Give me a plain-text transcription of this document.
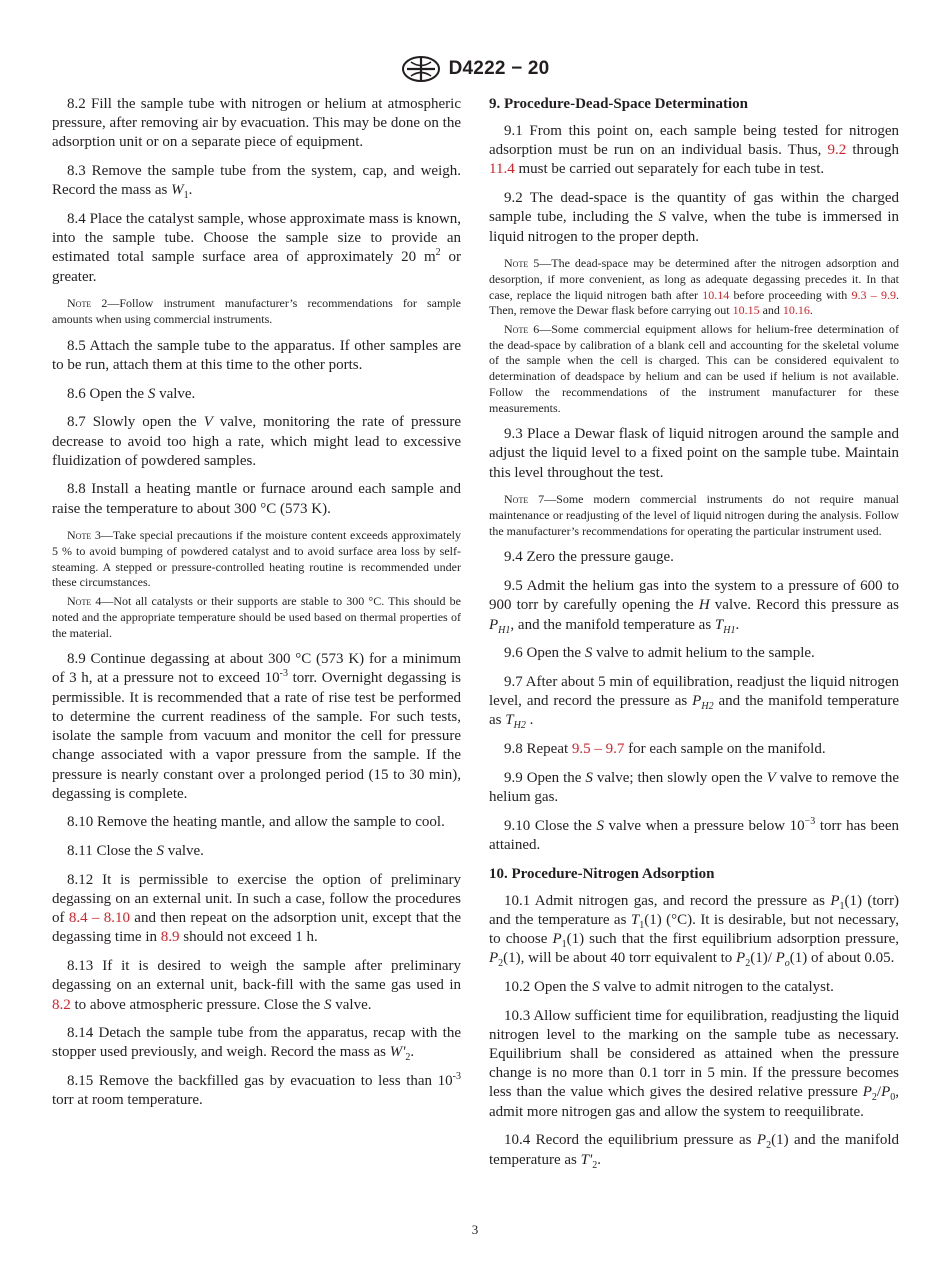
D4222 − 20

8.2 Fill the sample tube with nitrogen or helium at atmospheric pressure, after removing air by evacuation. This may be done on the adsorption unit or on a separate piece of equipment.

8.3 Remove the sample tube from the system, cap, and weigh. Record the mass as $W_1$.

8.4 Place the catalyst sample, whose approximate mass is known, into the sample tube. Choose the sample size to provide an estimated total sample surface area of approximately 20 $m^2$ or greater.

Note 2—Follow instrument manufacturer’s recommendations for sample amounts when using commercial instruments.

8.5 Attach the sample tube to the apparatus. If other samples are to be run, attach them at this time to the other ports.

8.6 Open the S valve.

8.7 Slowly open the V valve, monitoring the rate of pressure decrease to avoid too high a rate, which might lead to excessive fluidization of powdered samples.

8.8 Install a heating mantle or furnace around each sample and raise the temperature to about 300 °C (573 K).

Note 3—Take special precautions if the moisture content exceeds approximately 5 % to avoid bumping of powdered catalyst and to avoid surface area loss by self-steaming. A stepped or pressure-controlled heating routine is recommended under these circumstances.

Note 4—Not all catalysts or their supports are stable to 300 °C. This should be noted and the appropriate temperature should be used based on thermal properties of the material.

8.9 Continue degassing at about 300 °C (573 K) for a minimum of 3 h, at a pressure not to exceed $10^{-3}$ torr. Overnight degassing is permissible. It is recommended that a rate of rise test be performed to determine the current readiness of the sample. For such tests, isolate the sample from vacuum and monitor the cell for pressure change associated with a vapor pressure from the sample. If the pressure is nearly constant over a prolonged period (15 to 30 min), degassing is complete.

8.10 Remove the heating mantle, and allow the sample to cool.

8.11 Close the S valve.

8.12 It is permissible to exercise the option of preliminary degassing on an external unit. In such a case, follow the procedures of 8.4 – 8.10 and then repeat on the adsorption unit, except that the degassing time in 8.9 should not exceed 1 h.

8.13 If it is desired to weigh the sample after preliminary degassing on an external unit, back-fill with the same gas used in 8.2 to above atmospheric pressure. Close the S valve.

8.14 Detach the sample tube from the apparatus, recap with the stopper used previously, and weigh. Record the mass as $W'_2$.

8.15 Remove the backfilled gas by evacuation to less than $10^{-3}$ torr at room temperature.

9. Procedure-Dead-Space Determination

9.1 From this point on, each sample being tested for nitrogen adsorption must be run on an individual basis. Thus, 9.2 through 11.4 must be carried out separately for each tube in test.

9.2 The dead-space is the quantity of gas within the charged sample tube, including the S valve, when the tube is immersed in liquid nitrogen to the proper depth.

Note 5—The dead-space may be determined after the nitrogen adsorption and desorption, if more convenient, as long as adequate degassing precedes it. In that case, replace the liquid nitrogen bath after 10.14 before proceeding with 9.3 – 9.9. Then, remove the Dewar flask before carrying out 10.15 and 10.16.

Note 6—Some commercial equipment allows for helium-free determination of the dead-space by calibration of a blank cell and accounting for the skeletal volume of the sample when the cell is charged. This can be considered equivalent to determination of deadspace by helium and can be used if helium is not available. Follow the recommendations of the instrument manufacturer for these measurements.

9.3 Place a Dewar flask of liquid nitrogen around the sample and adjust the liquid level to a fixed point on the sample tube. Maintain this level throughout the test.

Note 7—Some modern commercial instruments do not require manual maintenance or readjusting of the level of liquid nitrogen during the analysis. Follow the manufacturer’s recommendations for operating the particular instrument used.

9.4 Zero the pressure gauge.

9.5 Admit the helium gas into the system to a pressure of 600 to 900 torr by carefully opening the H valve. Record this pressure as $P_{H1}$, and the manifold temperature as $T_{H1}$.

9.6 Open the S valve to admit helium to the sample.

9.7 After about 5 min of equilibration, readjust the liquid nitrogen level, and record the pressure as $P_{H2}$ and the manifold temperature as $T_{H2}$ .

9.8 Repeat 9.5 – 9.7 for each sample on the manifold.

9.9 Open the S valve; then slowly open the V valve to remove the helium gas.

9.10 Close the S valve when a pressure below $10^{-3}$ torr has been attained.

10. Procedure-Nitrogen Adsorption

10.1 Admit nitrogen gas, and record the pressure as $P_1(1)$ (torr) and the temperature as $T_1(1)$ (°C). It is desirable, but not necessary, to choose $P_1(1)$ such that the first equilibrium adsorption pressure, $P_2(1)$, will be about 40 torr equivalent to $P_2(1)/$ $P_o(1)$ of about 0.05.

10.2 Open the S valve to admit nitrogen to the catalyst.

10.3 Allow sufficient time for equilibration, readjusting the liquid nitrogen level to the marking on the sample tube as necessary. Equilibrium shall be considered as attained when the pressure change is no more than 0.1 torr in 5 min. If the pressure becomes less than the value which gives the desired relative pressure $P_2/P_0$, admit more nitrogen gas and allow the system to reequilibrate.

10.4 Record the equilibrium pressure as $P_2(1)$ and the manifold temperature as $T'_2$.

3
